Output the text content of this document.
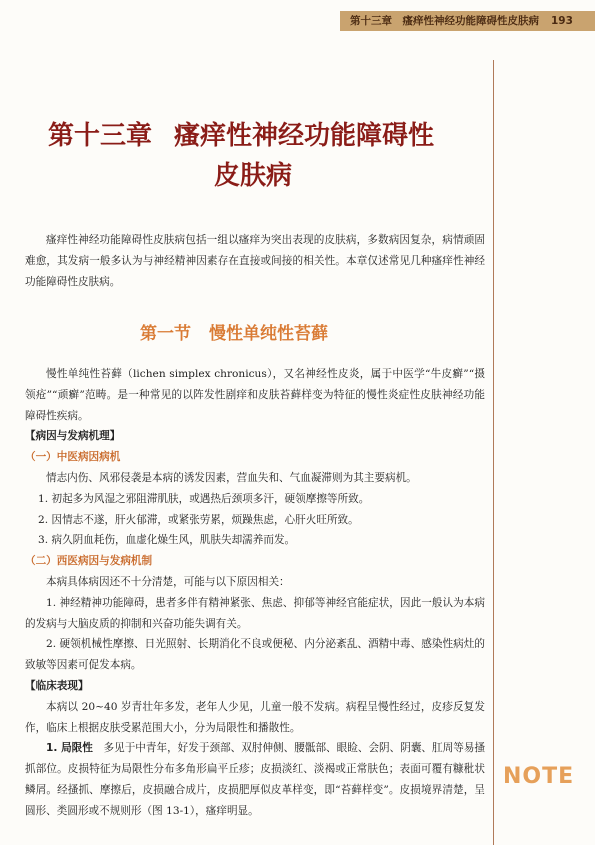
第十三章　瘙痒性神经功能障碍性皮肤病 193
第十三章 瘙痒性神经功能障碍性
皮肤病
瘙痒性神经功能障碍性皮肤病包括一组以瘙痒为突出表现的皮肤病，多数病因复杂，病情顽固难愈，其发病一般多认为与神经精神因素存在直接或间接的相关性。本章仅述常见几种瘙痒性神经功能障碍性皮肤病。
第一节 慢性单纯性苔藓

慢性单纯性苔藓（lichen simplex chronicus），又名神经性皮炎，属于中医学“牛皮癣”“摄领疮”“顽癣”范畴。是一种常见的以阵发性剧痒和皮肤苔藓样变为特征的慢性炎症性皮肤神经功能障碍性疾病。

【病因与发病机理】

（一）中医病因病机

情志内伤、风邪侵袭是本病的诱发因素，营血失和、气血凝滞则为其主要病机。

1. 初起多为风湿之邪阻滞肌肤，或遇热后颈项多汗，硬领摩擦等所致。

2. 因情志不遂，肝火郁滞，或紧张劳累，烦躁焦虑，心肝火旺所致。

3. 病久阴血耗伤，血虚化燥生风，肌肤失却濡养而发。

（二）西医病因与发病机制

本病具体病因还不十分清楚，可能与以下原因相关：

1. 神经精神功能障碍，患者多伴有精神紧张、焦虑、抑郁等神经官能症状，因此一般认为本病的发病与大脑皮质的抑制和兴奋功能失调有关。

2. 硬领机械性摩擦、日光照射、长期消化不良或便秘、内分泌紊乱、酒精中毒、感染性病灶的致敏等因素可促发本病。

【临床表现】

本病以 20~40 岁青壮年多发，老年人少见，儿童一般不发病。病程呈慢性经过，皮疹反复发作，临床上根据皮肤受累范围大小，分为局限性和播散性。

1. 局限性　 多见于中青年，好发于颈部、双肘伸侧、腰骶部、眼睑、会阴、阴囊、肛周等易搔抓部位。皮损特征为局限性分布多角形扁平丘疹；皮损淡红、淡褐或正常肤色；表面可覆有糠秕状鳞屑。经搔抓、摩擦后，皮损融合成片，皮损肥厚似皮革样变，即“苔藓样变”。皮损境界清楚，呈圆形、类圆形或不规则形（图 13-1），瘙痒明显。

NOTE
